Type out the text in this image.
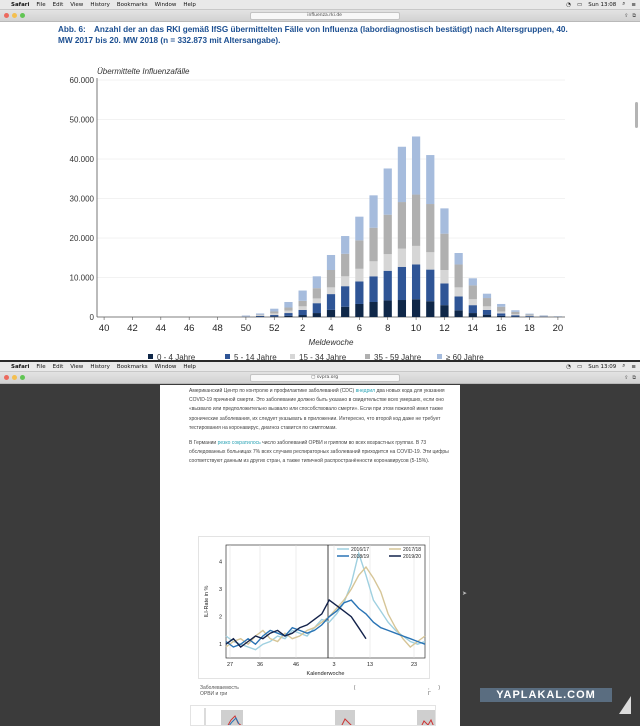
Safari File Edit View History Bookmarks Window Help	◔ ▭ Sun 13:08 ⌕ ≡
influenza.rki.de	⇪ ⧉
Abb. 6: Anzahl der an das RKI gemäß IfSG übermittelten Fälle von Influenza (labordiagnostisch bestätigt) nach Altersgruppen, 40. MW 2017 bis 20. MW 2018 (n = 332.873 mit Altersangabe).
Übermittelte Influenzafälle
0
10.000
20.000
30.000
40.000
50.000
60.000
40 42 44 46 48 50 52 2 4 6 8 10 12 14 16 18 20
Meldewoche
0 - 4 Jahre	5 - 14 Jahre	15 - 34 Jahre	35 - 59 Jahre	≥ 60 Jahre
Safari File Edit View History Bookmarks Window Help	◔ ▭ Sun 13:09 ⌕ ≡
▢ svpra.org	⇪ ⧉

Американский Центр по контролю и профилактике заболеваний (CDC) внедрил два новых кода для указания COVID-19 причиной смерти. Это заболевание должно быть указано в свидетельстве всех умерших, если оно «вызвало или предположительно вызвало или способствовало смерти». Если при этом пожилой имел также хронические заболевания, их следует указывать в приложении. Интересно, что второй код даже не требует тестирования на коронавирус, диагноз ставится по симптомам.

В Германии резко сократилось число заболеваний ОРВИ и гриппом во всех возрастных группах. В 73 обследованных больницах 7% всех случаев респираторных заболеваний приходится на COVID-19. Эти цифры соответствуют данным из других стран, а также типичной распространённости коронавирусов (5-15%).

27	36	46	3	13	23
1
2
3
4
ILI-Rate in %
Kalenderwoche
2016/17	2017/18
2018/19	2019/20
Заболеваемость ОРВИ и гри
(	, Г
)
➤
YAPLAKAL.COM
